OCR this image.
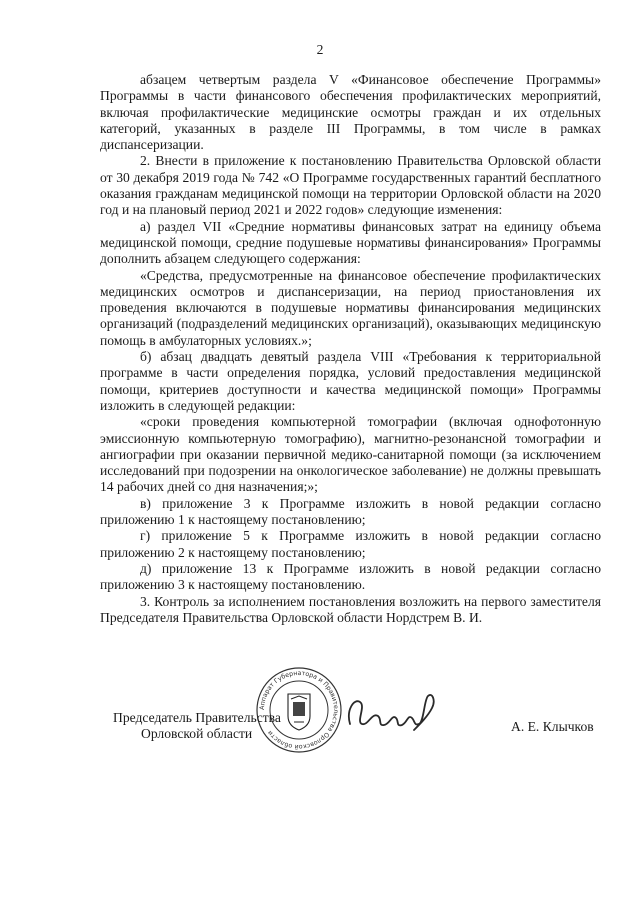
2

абзацем четвертым раздела V «Финансовое обеспечение Программы» Программы в части финансового обеспечения профилактических мероприятий, включая профилактические медицинские осмотры граждан и их отдельных категорий, указанных в разделе III Программы, в том числе в рамках диспансеризации.

2. Внести в приложение к постановлению Правительства Орловской области от 30 декабря 2019 года № 742 «О Программе государственных гарантий бесплатного оказания гражданам медицинской помощи на территории Орловской области на 2020 год и на плановый период 2021 и 2022 годов» следующие изменения:

а) раздел VII «Средние нормативы финансовых затрат на единицу объема медицинской помощи, средние подушевые нормативы финансирования» Программы дополнить абзацем следующего содержания:

«Средства, предусмотренные на финансовое обеспечение профилактических медицинских осмотров и диспансеризации, на период приостановления их проведения включаются в подушевые нормативы финансирования медицинских организаций (подразделений медицинских организаций), оказывающих медицинскую помощь в амбулаторных условиях.»;

б) абзац двадцать девятый раздела VIII «Требования к территориальной программе в части определения порядка, условий предоставления медицинской помощи, критериев доступности и качества медицинской помощи» Программы изложить в следующей редакции:

«сроки проведения компьютерной томографии (включая однофотонную эмиссионную компьютерную томографию), магнитно-резонансной томографии и ангиографии при оказании первичной медико-санитарной помощи (за исключением исследований при подозрении на онкологическое заболевание) не должны превышать 14 рабочих дней со дня назначения;»;

в) приложение 3 к Программе изложить в новой редакции согласно приложению 1 к настоящему постановлению;

г) приложение 5 к Программе изложить в новой редакции согласно приложению 2 к настоящему постановлению;

д) приложение 13 к Программе изложить в новой редакции согласно приложению 3 к настоящему постановлению.

3. Контроль за исполнением постановления возложить на первого заместителя Председателя Правительства Орловской области Нордстрем В. И.

Аппарат Губернатора и Правительства Орловской области
Председатель Правительства
Орловской области	А. Е. Клычков
